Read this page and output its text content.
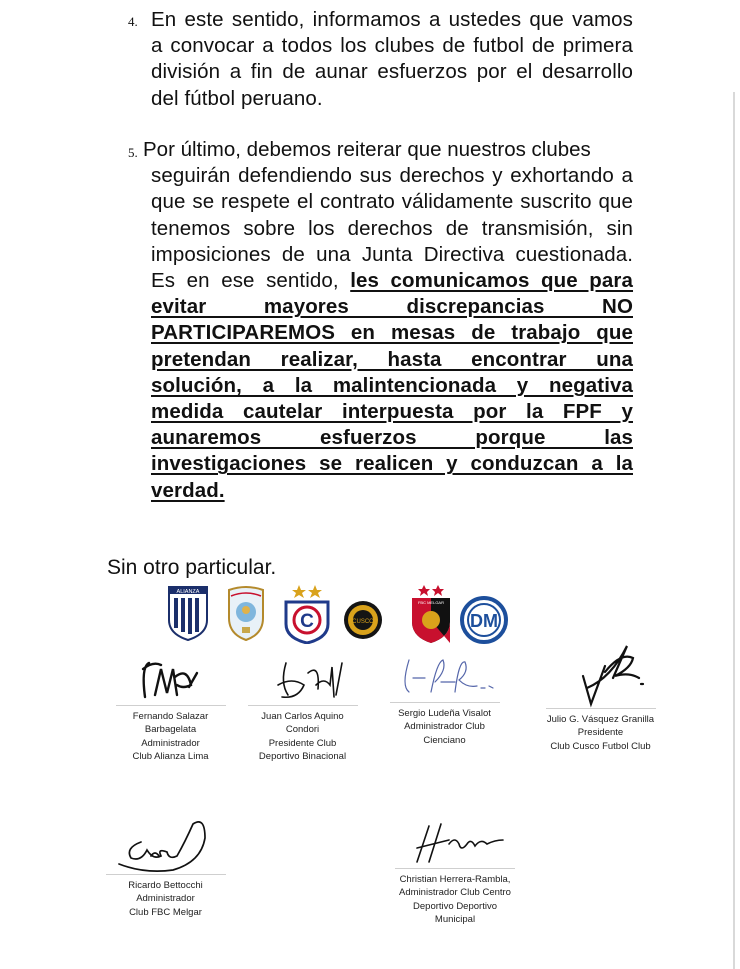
4. En este sentido, informamos a ustedes que vamos a convocar a todos los clubes de futbol de primera división a fin de aunar esfuerzos por el desarrollo del fútbol peruano.
5. Por último, debemos reiterar que nuestros clubes
seguirán defendiendo sus derechos y exhortando a que se respete el contrato válidamente suscrito que tenemos sobre los derechos de transmisión, sin imposiciones de una Junta Directiva cuestionada. Es en ese sentido, les comunicamos que para evitar mayores discrepancias NO PARTICIPAREMOS en mesas de trabajo que pretendan realizar, hasta encontrar una solución, a la malintencionada y negativa medida cautelar interpuesta por la FPF y aunaremos esfuerzos porque las investigaciones se realicen y conduzcan a la verdad.
Sin otro particular.
ALIANZA
C	CUSCO
FBC MELGAR
DM
Fernando Salazar
Barbagelata
Administrador
Club Alianza Lima
Juan Carlos Aquino
Condori
Presidente Club
Deportivo Binacional
Sergio Ludeña Visalot
Administrador Club
Cienciano
Julio G. Vásquez Granilla
Presidente
Club Cusco Futbol Club
Ricardo Bettocchi
Administrador
Club FBC Melgar
Christian Herrera-Rambla,
Administrador Club Centro
Deportivo Deportivo
Municipal
